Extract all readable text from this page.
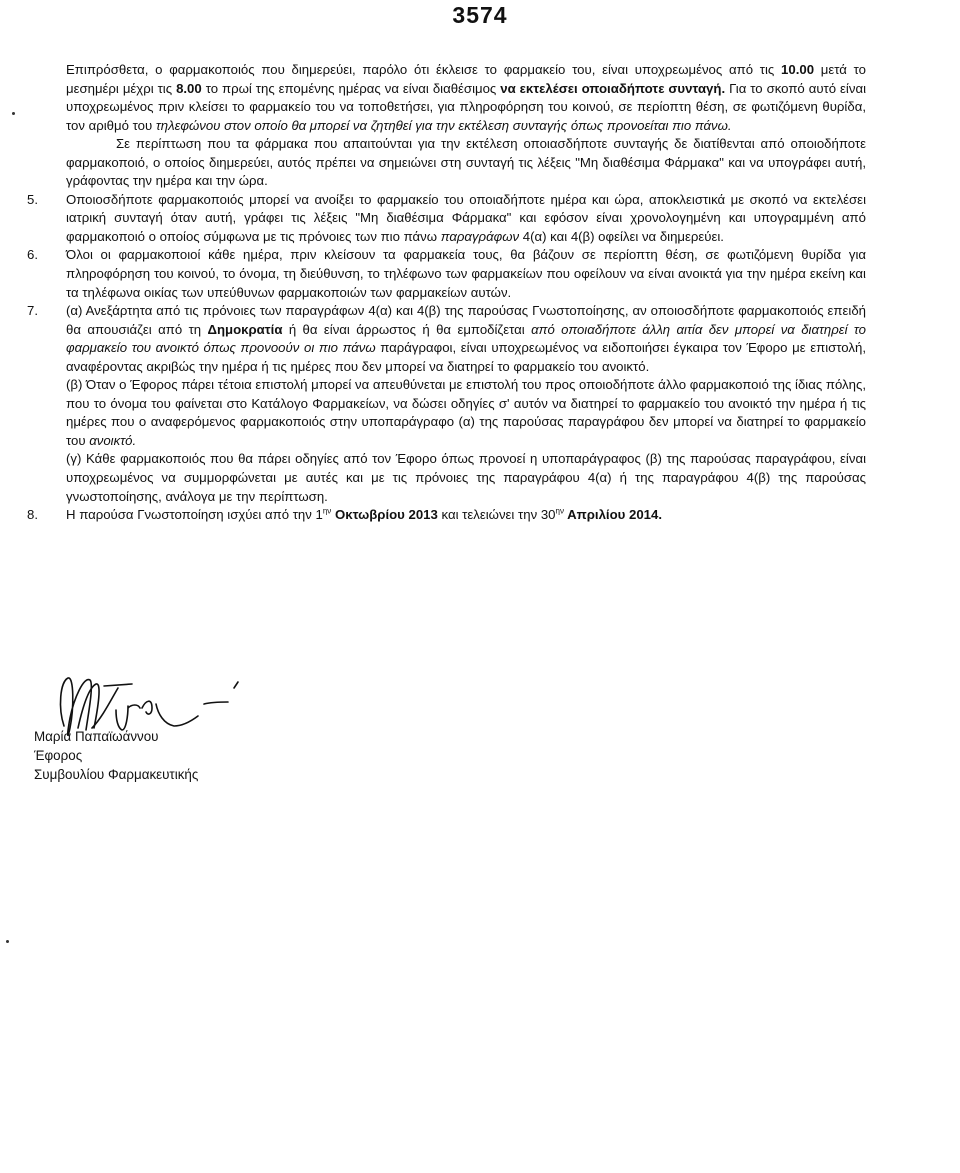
3574

Επιπρόσθετα, ο φαρμακοποιός που διημερεύει, παρόλο ότι έκλεισε το φαρμακείο του, είναι υποχρεωμένος από τις 10.00 μετά το μεσημέρι μέχρι τις 8.00 το πρωί της επομένης ημέρας να είναι διαθέσιμος να εκτελέσει οποιαδήποτε συνταγή. Για το σκοπό αυτό είναι υποχρεωμένος πριν κλείσει το φαρμακείο του να τοποθετήσει, για πληροφόρηση του κοινού, σε περίοπτη θέση, σε φωτιζόμενη θυρίδα, τον αριθμό του τηλεφώνου στον οποίο θα μπορεί να ζητηθεί για την εκτέλεση συνταγής όπως προνοείται πιο πάνω.

Σε περίπτωση που τα φάρμακα που απαιτούνται για την εκτέλεση οποιασδήποτε συνταγής δε διατίθενται από οποιοδήποτε φαρμακοποιό, ο οποίος διημερεύει, αυτός πρέπει να σημειώνει στη συνταγή τις λέξεις "Μη διαθέσιμα Φάρμακα" και να υπογράφει αυτή, γράφοντας την ημέρα και την ώρα.

5. Οποιοσδήποτε φαρμακοποιός μπορεί να ανοίξει το φαρμακείο του οποιαδήποτε ημέρα και ώρα, αποκλειστικά με σκοπό να εκτελέσει ιατρική συνταγή όταν αυτή, γράφει τις λέξεις "Μη διαθέσιμα Φάρμακα" και εφόσον είναι χρονολογημένη και υπογραμμένη από φαρμακοποιό ο οποίος σύμφωνα με τις πρόνοιες των πιο πάνω παραγράφων 4(α) και 4(β) οφείλει να διημερεύει.

6. Όλοι οι φαρμακοποιοί κάθε ημέρα, πριν κλείσουν τα φαρμακεία τους, θα βάζουν σε περίοπτη θέση, σε φωτιζόμενη θυρίδα για πληροφόρηση του κοινού, το όνομα, τη διεύθυνση, το τηλέφωνο των φαρμακείων που οφείλουν να είναι ανοικτά για την ημέρα εκείνη και τα τηλέφωνα οικίας των υπεύθυνων φαρμακοποιών των φαρμακείων αυτών.

7. (α) Ανεξάρτητα από τις πρόνοιες των παραγράφων 4(α) και 4(β) της παρούσας Γνωστοποίησης, αν οποιοσδήποτε φαρμακοποιός επειδή θα απουσιάζει από τη Δημοκρατία ή θα είναι άρρωστος ή θα εμποδίζεται από οποιαδήποτε άλλη αιτία δεν μπορεί να διατηρεί το φαρμακείο του ανοικτό όπως προνοούν οι πιο πάνω παράγραφοι, είναι υποχρεωμένος να ειδοποιήσει έγκαιρα τον Έφορο με επιστολή, αναφέροντας ακριβώς την ημέρα ή τις ημέρες που δεν μπορεί να διατηρεί το φαρμακείο του ανοικτό.

(β) Όταν ο Έφορος πάρει τέτοια επιστολή μπορεί να απευθύνεται με επιστολή του προς οποιοδήποτε άλλο φαρμακοποιό της ίδιας πόλης, που το όνομα του φαίνεται στο Κατάλογο Φαρμακείων, να δώσει οδηγίες σ' αυτόν να διατηρεί το φαρμακείο του ανοικτό την ημέρα ή τις ημέρες που ο αναφερόμενος φαρμακοποιός στην υποπαράγραφο (α) της παρούσας παραγράφου δεν μπορεί να διατηρεί το φαρμακείο του ανοικτό.

(γ) Κάθε φαρμακοποιός που θα πάρει οδηγίες από τον Έφορο όπως προνοεί η υποπαράγραφος (β) της παρούσας παραγράφου, είναι υποχρεωμένος να συμμορφώνεται με αυτές και με τις πρόνοιες της παραγράφου 4(α) ή της παραγράφου 4(β) της παρούσας γνωστοποίησης, ανάλογα με την περίπτωση.

8. Η παρούσα Γνωστοποίηση ισχύει από την $1^{\eta\nu}$ Οκτωβρίου 2013 και τελειώνει την $30^{\eta\nu}$ Απριλίου 2014.

Μαρία Παπαϊωάννου
Έφορος
Συμβουλίου Φαρμακευτικής
